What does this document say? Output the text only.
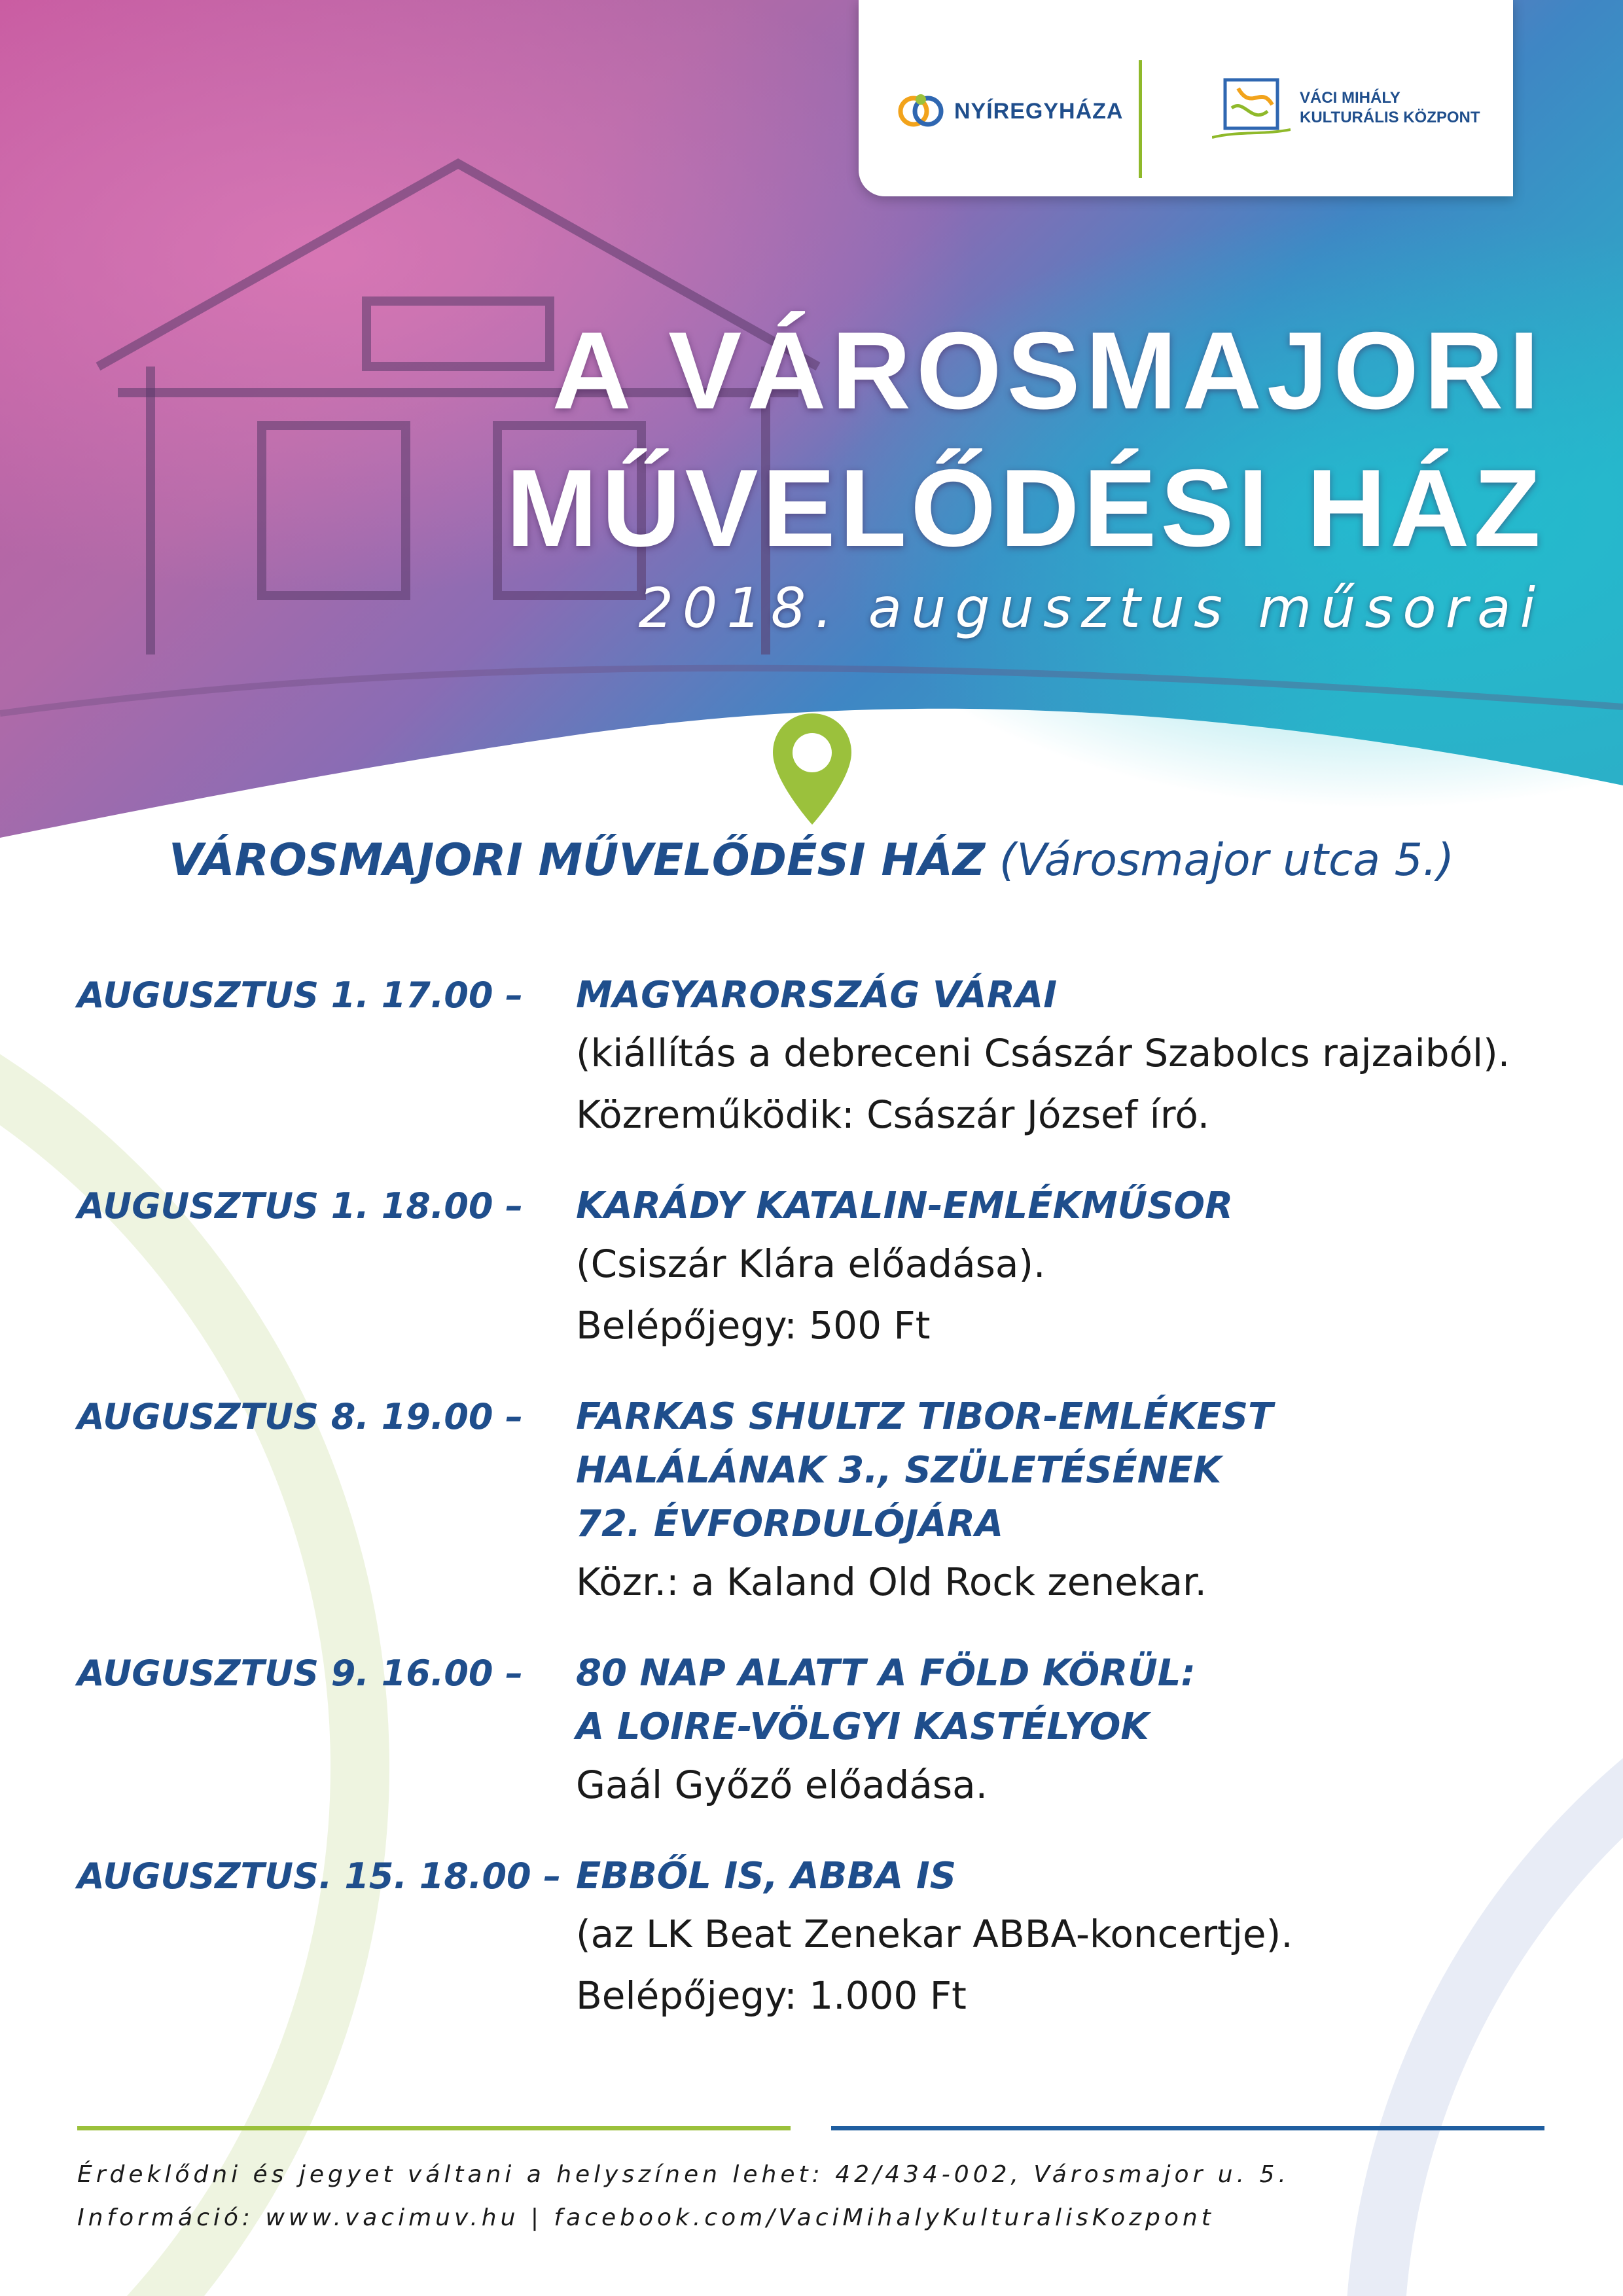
NYÍREGYHÁZA
VÁCI MIHÁLY
KULTURÁLIS KÖZPONT
A VÁROSMAJORI
MŰVELŐDÉSI HÁZ
2018. augusztus műsorai
VÁROSMAJORI MŰVELŐDÉSI HÁZ (Városmajor utca 5.)
AUGUSZTUS 1. 17.00 –	MAGYARORSZÁG VÁRAI
(kiállítás a debreceni Császár Szabolcs rajzaiból).
Közreműködik: Császár József író.
AUGUSZTUS 1. 18.00 –	KARÁDY KATALIN-EMLÉKMŰSOR
(Csiszár Klára előadása).
Belépőjegy: 500 Ft
AUGUSZTUS 8. 19.00 –	FARKAS SHULTZ TIBOR-EMLÉKEST
HALÁLÁNAK 3., SZÜLETÉSÉNEK
72. ÉVFORDULÓJÁRA
Közr.: a Kaland Old Rock zenekar.
AUGUSZTUS 9. 16.00 –	80 NAP ALATT A FÖLD KÖRÜL:
A LOIRE-VÖLGYI KASTÉLYOK
Gaál Győző előadása.
AUGUSZTUS. 15. 18.00 – EBBŐL IS, ABBA IS
(az LK Beat Zenekar ABBA-koncertje).
Belépőjegy: 1.000 Ft
Érdeklődni és jegyet váltani a helyszínen lehet: 42/434-002, Városmajor u. 5.
Információ: www.vacimuv.hu | facebook.com/VaciMihalyKulturalisKozpont
